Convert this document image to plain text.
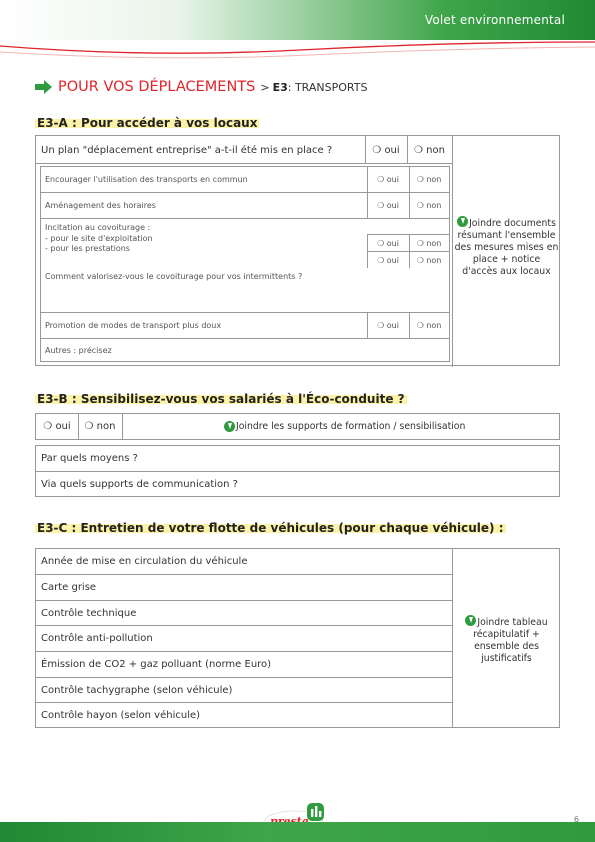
Volet environnemental
POUR VOS DÉPLACEMENTS > E3 : TRANSPORTS
E3-A : Pour accéder à vos locaux
Un plan "déplacement entreprise" a-t-il été mis en place ?	❍ oui	❍ non
Encourager l'utilisation des transports en commun	❍ oui	❍ non
Aménagement des horaires	❍ oui	❍ non
Incitation au covoiturage :
- pour le site d'exploitation
- pour les prestations
❍ oui	❍ non
❍ oui	❍ non
Comment valorisez-vous le covoiturage pour vos intermittents ?
Promotion de modes de transport plus doux	❍ oui	❍ non
Autres : précisez
Joindre documents résumant l'ensemble des mesures mises en place + notice d'accès aux locaux
E3-B : Sensibilisez-vous vos salariés à l'Éco-conduite ?
❍ oui	❍ non	Joindre les supports de formation / sensibilisation
Par quels moyens ?
Via quels supports de communication ?
E3-C : Entretien de votre flotte de véhicules (pour chaque véhicule) :
Année de mise en circulation du véhicule
Carte grise
Contrôle technique
Contrôle anti-pollution
Émission de CO2 + gaz polluant (norme Euro)
Contrôle tachygraphe (selon véhicule)
Contrôle hayon (selon véhicule)
Joindre tableau récapitulatif + ensemble des justificatifs
6
